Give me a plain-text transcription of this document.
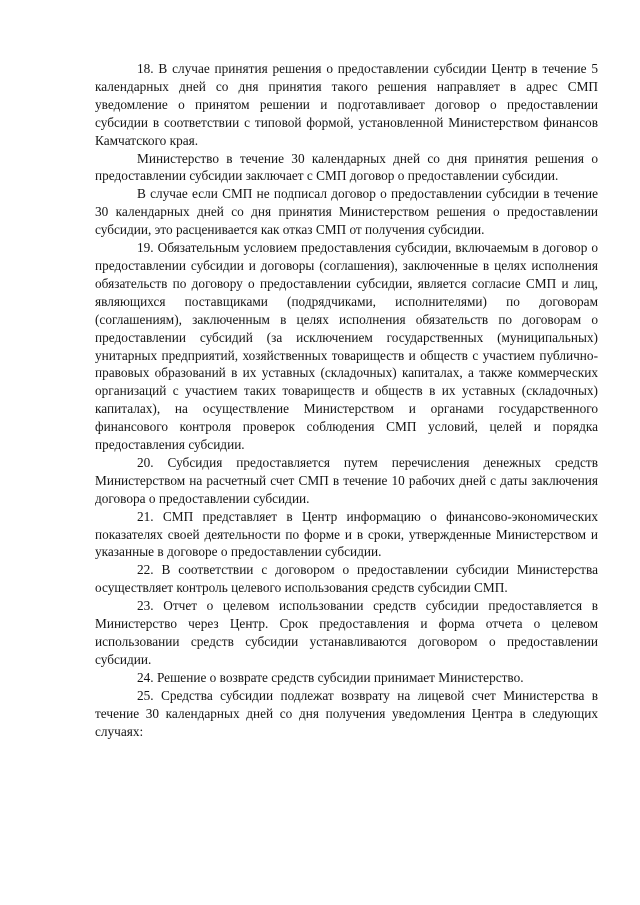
18. В случае принятия решения о предоставлении субсидии Центр в течение 5 календарных дней со дня принятия такого решения направляет в адрес СМП уведомление о принятом решении и подготавливает договор о предоставлении субсидии в соответствии с типовой формой, установленной Министерством финансов Камчатского края.

Министерство в течение 30 календарных дней со дня принятия решения о предоставлении субсидии заключает с СМП договор о предоставлении субсидии.

В случае если СМП не подписал договор о предоставлении субсидии в течение 30 календарных дней со дня принятия Министерством решения о предоставлении субсидии, это расценивается как отказ СМП от получения субсидии.

19. Обязательным условием предоставления субсидии, включаемым в договор о предоставлении субсидии и договоры (соглашения), заключенные в целях исполнения обязательств по договору о предоставлении субсидии, является согласие СМП и лиц, являющихся поставщиками (подрядчиками, исполнителями) по договорам (соглашениям), заключенным в целях исполнения обязательств по договорам о предоставлении субсидий (за исключением государственных (муниципальных) унитарных предприятий, хозяйственных товариществ и обществ с участием публично-правовых образований в их уставных (складочных) капиталах, а также коммерческих организаций с участием таких товариществ и обществ в их уставных (складочных) капиталах), на осуществление Министерством и органами государственного финансового контроля проверок соблюдения СМП условий, целей и порядка предоставления субсидии.

20. Субсидия предоставляется путем перечисления денежных средств Министерством на расчетный счет СМП в течение 10 рабочих дней с даты заключения договора о предоставлении субсидии.

21. СМП представляет в Центр информацию о финансово-экономических показателях своей деятельности по форме и в сроки, утвержденные Министерством и указанные в договоре о предоставлении субсидии.

22. В соответствии с договором о предоставлении субсидии Министерства осуществляет контроль целевого использования средств субсидии СМП.

23. Отчет о целевом использовании средств субсидии предоставляется в Министерство через Центр. Срок предоставления и форма отчета о целевом использовании средств субсидии устанавливаются договором о предоставлении субсидии.

24. Решение о возврате средств субсидии принимает Министерство.

25. Средства субсидии подлежат возврату на лицевой счет Министерства в течение 30 календарных дней со дня получения уведомления Центра в следующих случаях:
